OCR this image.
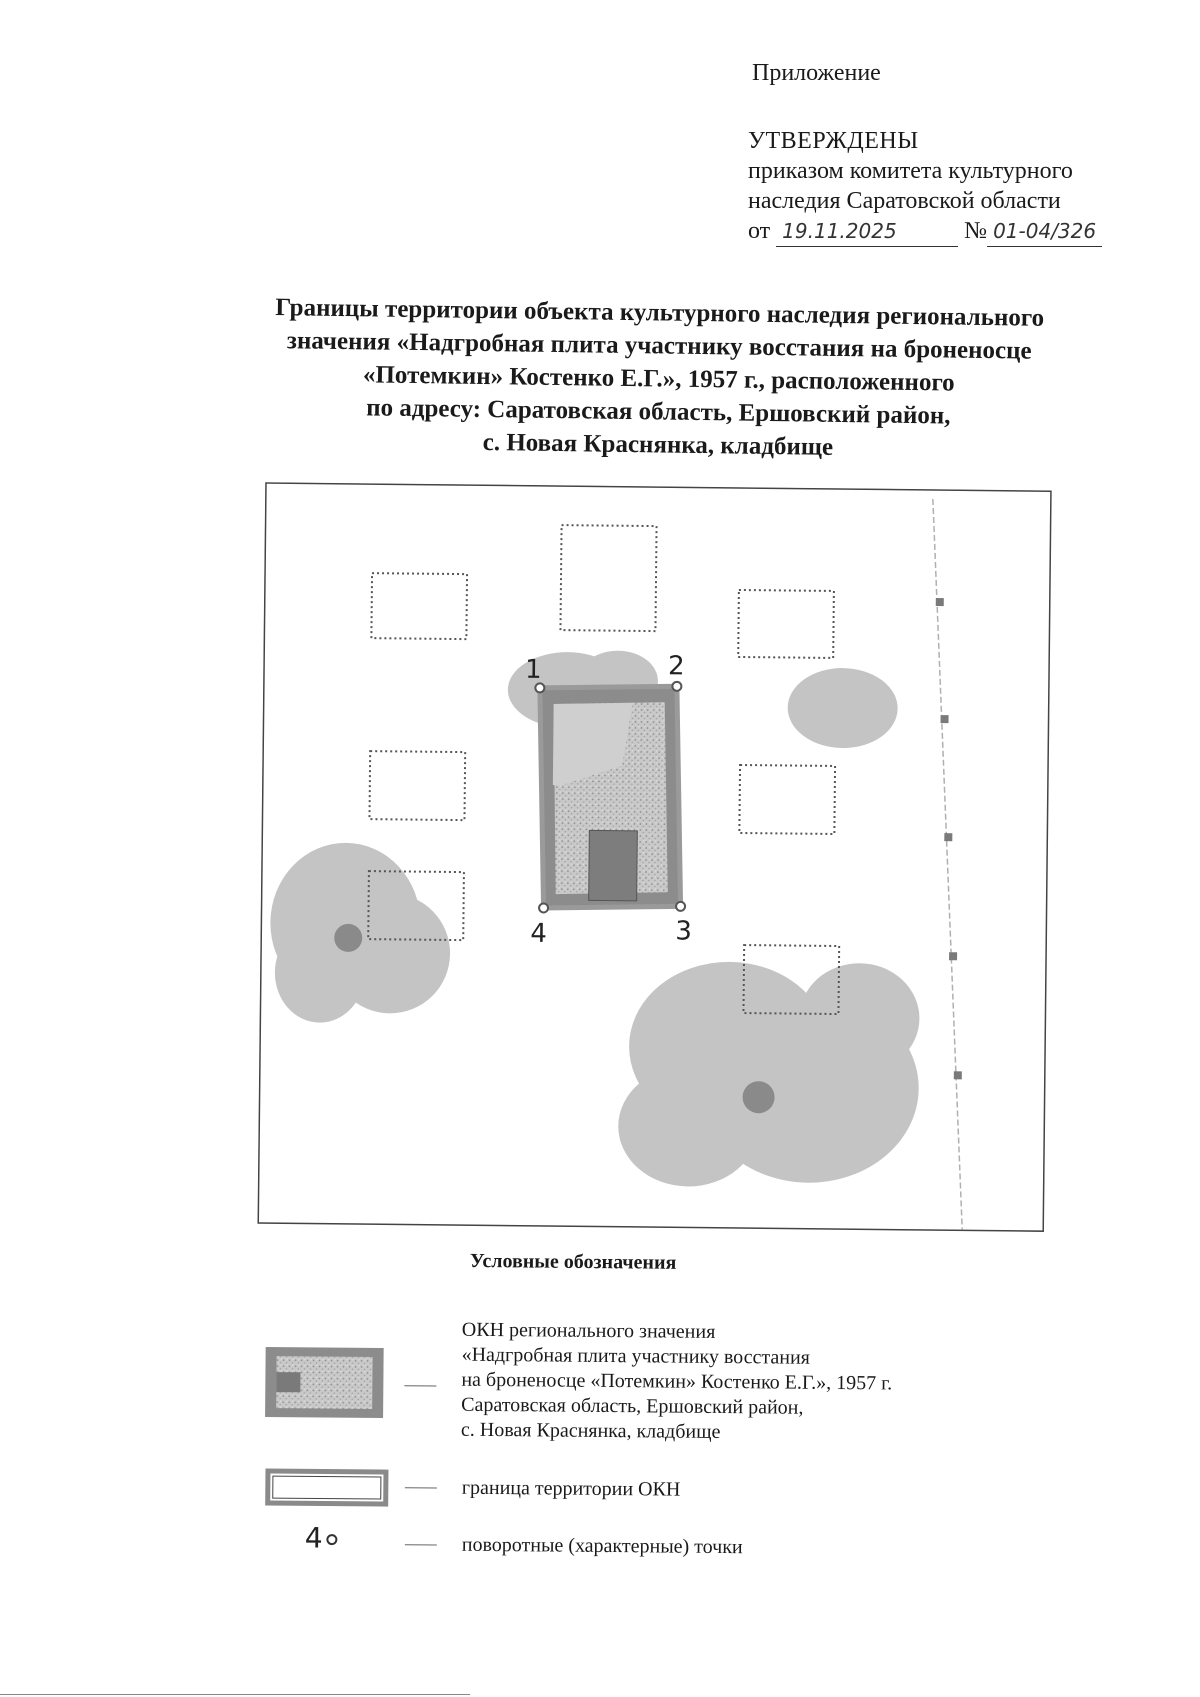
Приложение
УТВЕРЖДЕНЫ
приказом комитета культурного
наследия Саратовской области
от 19.11.2025	№ 01-04/326
Границы территории объекта культурного наследия регионального
значения «Надгробная плита участнику восстания на броненосце
«Потемкин» Костенко Е.Г.», 1957 г., расположенного
по адресу: Саратовская область, Ершовский район,
с. Новая Краснянка, кладбище
1	2
3
4
Условные обозначения
ОКН регионального значения
«Надгробная плита участнику восстания
на броненосце «Потемкин» Костенко Е.Г.», 1957 г.
Саратовская область, Ершовский район,
с. Новая Краснянка, кладбище
граница территории ОКН
4	поворотные (характерные) точки
